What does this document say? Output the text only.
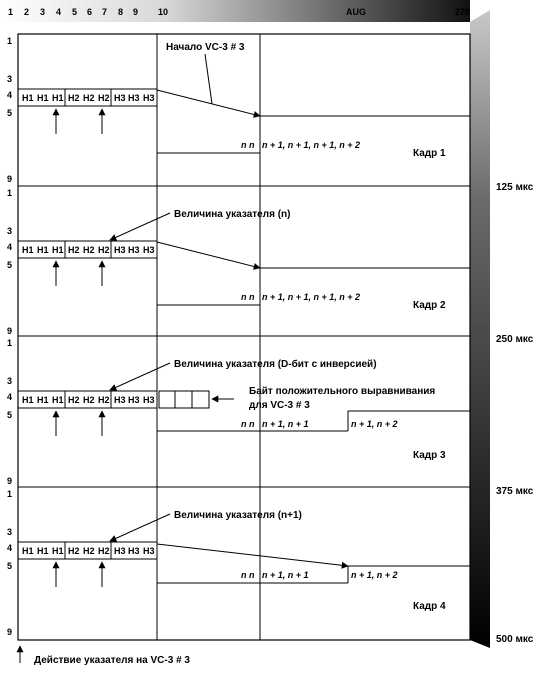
1 2 3 4 5 6 7 8 9 10	AUG	270
1
3
4
5
9
H1 H1 H1 H2 H2 H2 H3 H3 H3
Начало VC-3 # 3
n n n + 1, n + 1, n + 1, n + 2
Кадр 1
125 мкс
1
3
4
5
9
H1 H1 H1 H2 H2 H2 H3 H3 H3
Величина указателя (n)
n n n + 1, n + 1, n + 1, n + 2
Кадр 2
250 мкс
1
3
4
5
9
H1 H1 H1 H2 H2 H2 H3 H3 H3
Величина указателя (D-бит с инверсией)
Байт положительного выравнивания
для VC-3 # 3
n n n + 1, n + 1	n + 1, n + 2
Кадр 3
375 мкс
1
3
4
5
9
H1 H1 H1 H2 H2 H2 H3 H3 H3
Величина указателя (n+1)
n n n + 1, n + 1	n + 1, n + 2
Кадр 4
500 мкс
Действие указателя на VC-3 # 3
